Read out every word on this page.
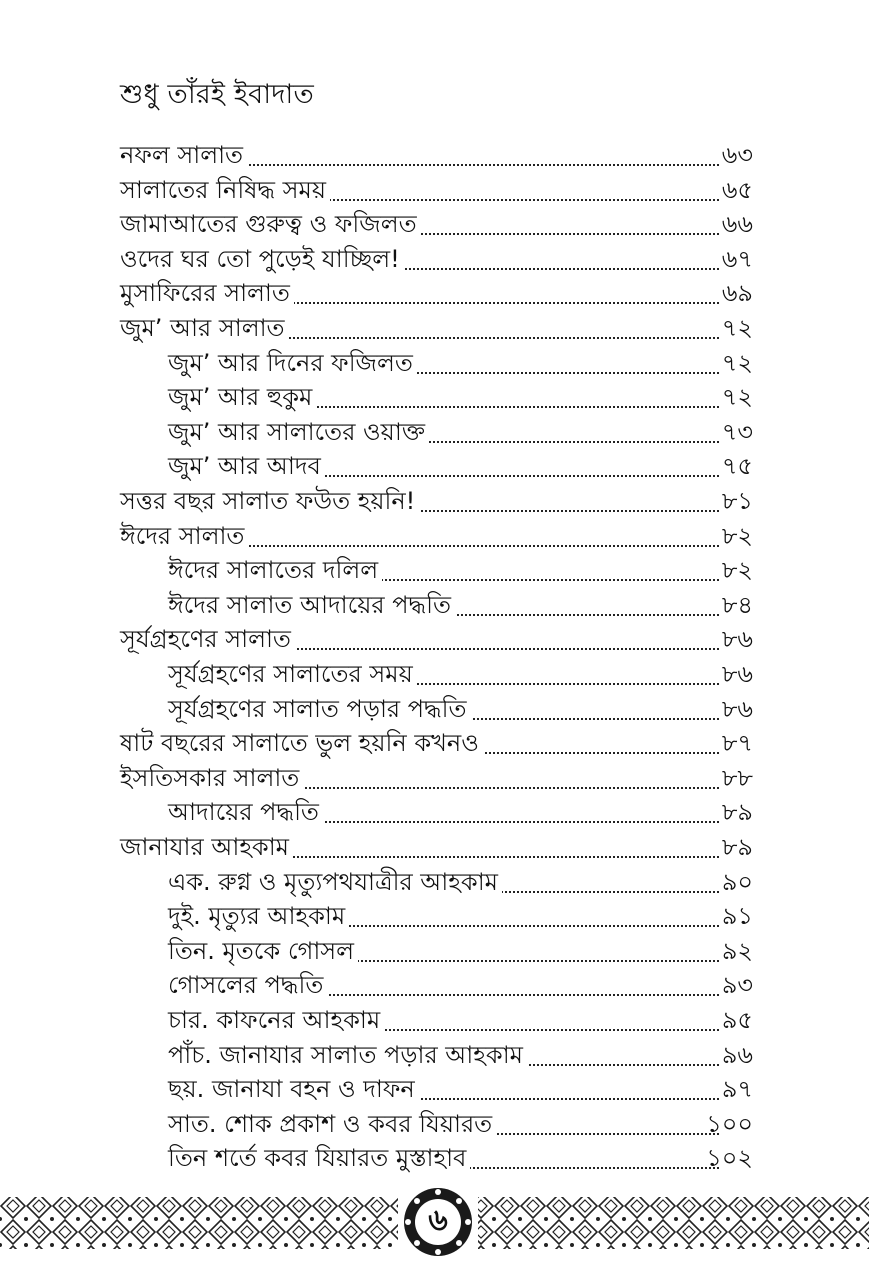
শুধু তাঁরই ইবাদাত
নফল সালাত	৬৩
সালাতের নিষিদ্ধ সময়	৬৫
জামাআতের গুরুত্ব ও ফজিলত	৬৬
ওদের ঘর তো পুড়েই যাচ্ছিল!	৬৭
মুসাফিরের সালাত	৬৯
জুম’ আর সালাত	৭২
জুম’ আর দিনের ফজিলত	৭২
জুম’ আর হুকুম	৭২
জুম’ আর সালাতের ওয়াক্ত	৭৩
জুম’ আর আদব	৭৫
সত্তর বছর সালাত ফউত হয়নি!	৮১
ঈদের সালাত	৮২
ঈদের সালাতের দলিল	৮২
ঈদের সালাত আদায়ের পদ্ধতি	৮৪
সূর্যগ্রহণের সালাত	৮৬
সূর্যগ্রহণের সালাতের সময়	৮৬
সূর্যগ্রহণের সালাত পড়ার পদ্ধতি	৮৬
ষাট বছরের সালাতে ভুল হয়নি কখনও	৮৭
ইসতিসকার সালাত	৮৮
আদায়ের পদ্ধতি	৮৯
জানাযার আহকাম	৮৯
এক. রুগ্ন ও মৃত্যুপথযাত্রীর আহকাম	৯০
দুই. মৃত্যুর আহকাম	৯১
তিন. মৃতকে গোসল	৯২
গোসলের পদ্ধতি	৯৩
চার. কাফনের আহকাম	৯৫
পাঁচ. জানাযার সালাত পড়ার আহকাম	৯৬
ছয়. জানাযা বহন ও দাফন	৯৭
সাত. শোক প্রকাশ ও কবর যিয়ারত	১০০
তিন শর্তে কবর যিয়ারত মুস্তাহাব	১০২
৬
